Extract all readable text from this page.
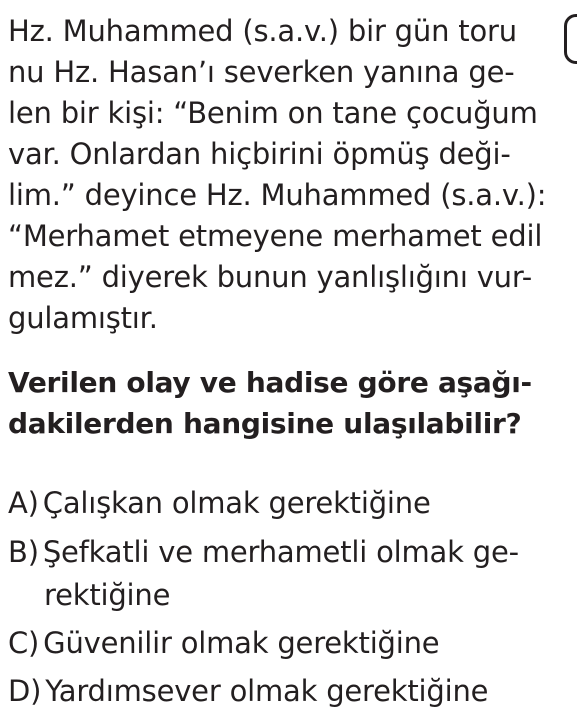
Hz. Muhammed (s.a.v.) bir gün toru
nu Hz. Hasan’ı severken yanına ge-
len bir kişi: “Benim on tane çocuğum
var. Onlardan hiçbirini öpmüş deği-
lim.” deyince Hz. Muhammed (s.a.v.):
“Merhamet etmeyene merhamet edil
mez.” diyerek bunun yanlışlığını vur-
gulamıştır.
Verilen olay ve hadise göre aşağı-
dakilerden hangisine ulaşılabilir?
A) Çalışkan olmak gerektiğine
B) Şefkatli ve merhametli olmak ge-
rektiğine
C) Güvenilir olmak gerektiğine
D) Yardımsever olmak gerektiğine
